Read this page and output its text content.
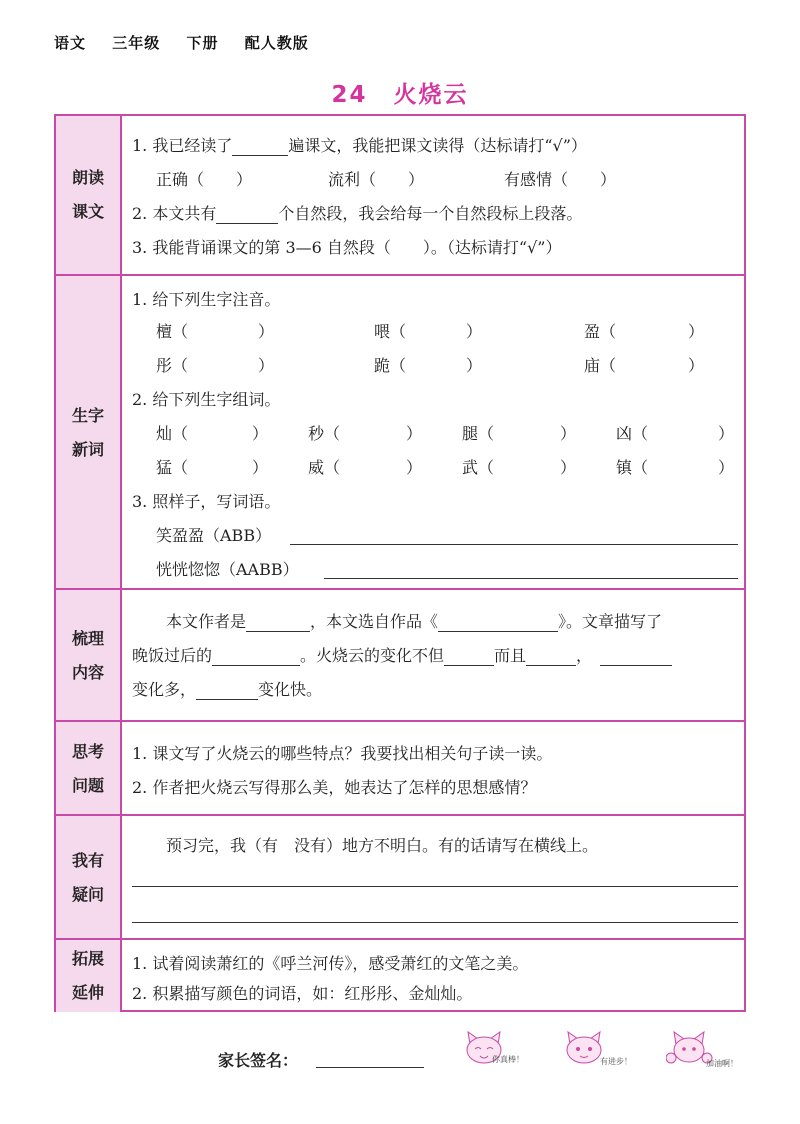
语文 三年级 下册 配人教版
24 火烧云
朗读
课文
1. 我已经读了	遍课文，我能把课文读得（达标请打“√”）
正确（　　）	流利（　　）	有感情（　　）
2. 本文共有	个自然段，我会给每一个自然段标上段落。
3. 我能背诵课文的第 3—6 自然段（　　）。（达标请打“√”）
生字
新词
1. 给下列生字注音。
檀（	）	喂（	）	盈（	）
彤（	）	跪（	）	庙（	）
2. 给下列生字组词。
灿（	） 秒（	） 腿（	） 凶（	）
猛（	） 威（	） 武（	） 镇（	）
3. 照样子，写词语。
笑盈盈（ABB）
恍恍惚惚（AABB）
梳理
内容
本文作者是	，本文选自作品《	》。文章描写了
晚饭过后的	。火烧云的变化不但	而且	，
变化多，	变化快。
思考
问题
1. 课文写了火烧云的哪些特点？我要找出相关句子读一读。
2. 作者把火烧云写得那么美，她表达了怎样的思想感情？
我有
疑问
预习完，我（有　没有）地方不明白。有的话请写在横线上。
拓展
延伸
1. 试着阅读萧红的《呼兰河传》，感受萧红的文笔之美。
2. 积累描写颜色的词语，如：红彤彤、金灿灿。
家长签名：	你真棒！	有进步！	加油啊！
